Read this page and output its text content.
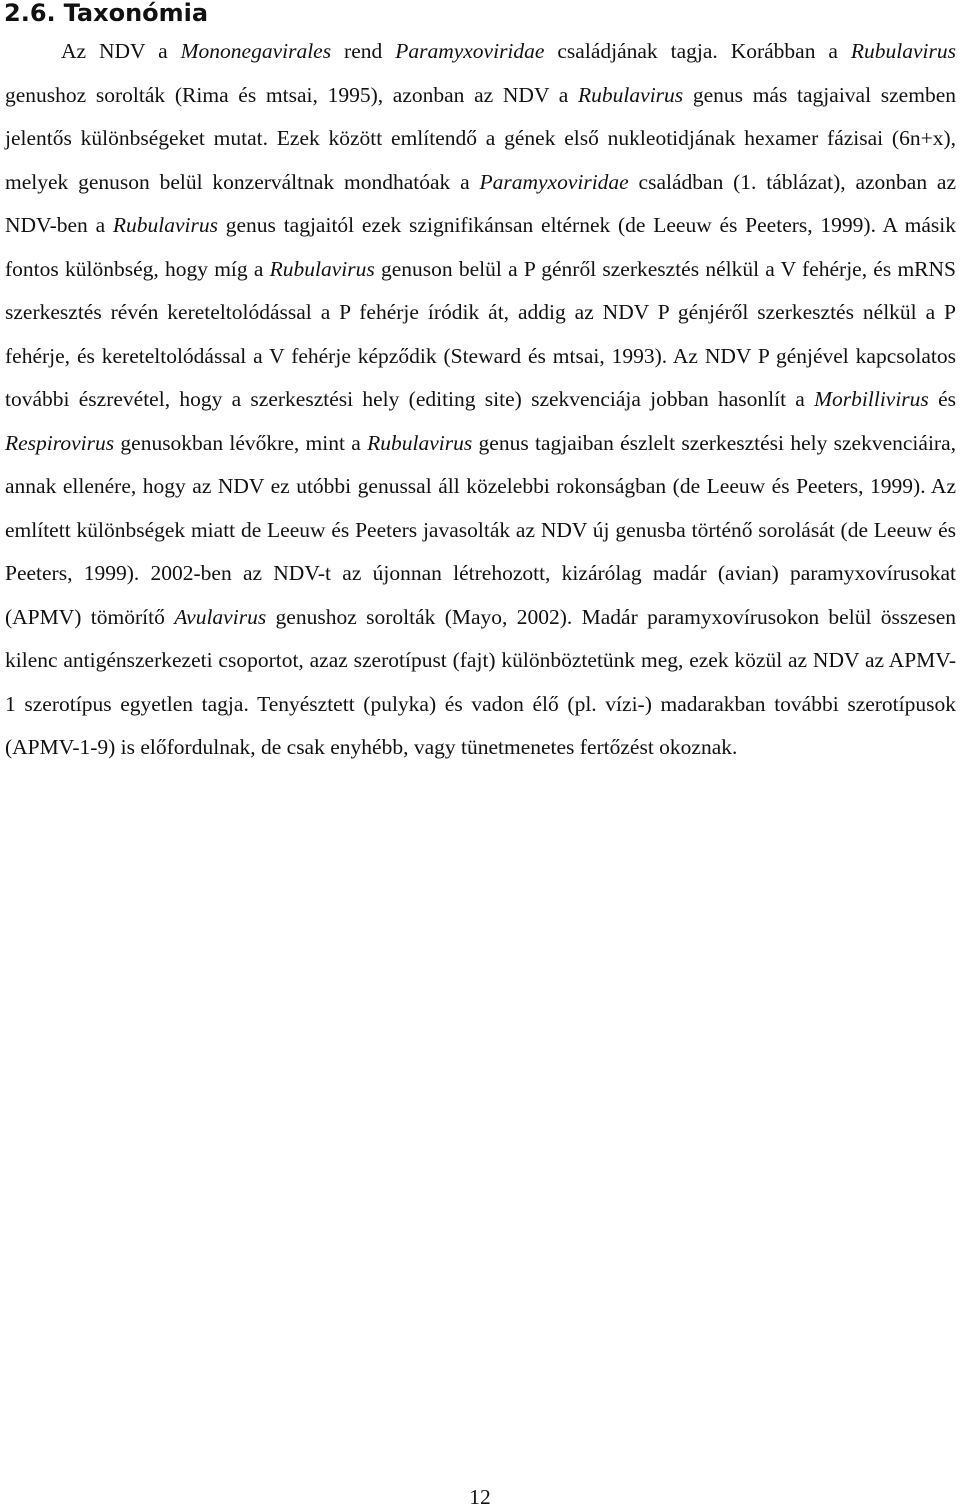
2.6. Taxonómia

Az NDV a Mononegavirales rend Paramyxoviridae családjának tagja. Korábban a Rubulavirus genushoz sorolták (Rima és mtsai, 1995), azonban az NDV a Rubulavirus genus más tagjaival szemben jelentős különbségeket mutat. Ezek között említendő a gének első nukleotidjának hexamer fázisai (6n+x), melyek genuson belül konzerváltnak mondhatóak a Paramyxoviridae családban (1. táblázat), azonban az NDV-ben a Rubulavirus genus tagjaitól ezek szignifikánsan eltérnek (de Leeuw és Peeters, 1999). A másik fontos különbség, hogy míg a Rubulavirus genuson belül a P génről szerkesztés nélkül a V fehérje, és mRNS szerkesztés révén kereteltolódással a P fehérje íródik át, addig az NDV P génjéről szerkesztés nélkül a P fehérje, és kereteltolódással a V fehérje képződik (Steward és mtsai, 1993). Az NDV P génjével kapcsolatos további észrevétel, hogy a szerkesztési hely (editing site) szekvenciája jobban hasonlít a Morbillivirus és Respirovirus genusokban lévőkre, mint a Rubulavirus genus tagjaiban észlelt szerkesztési hely szekvenciáira, annak ellenére, hogy az NDV ez utóbbi genussal áll közelebbi rokonságban (de Leeuw és Peeters, 1999). Az említett különbségek miatt de Leeuw és Peeters javasolták az NDV új genusba történő sorolását (de Leeuw és Peeters, 1999). 2002-ben az NDV-t az újonnan létrehozott, kizárólag madár (avian) paramyxovírusokat (APMV) tömörítő Avulavirus genushoz sorolták (Mayo, 2002). Madár paramyxovírusokon belül összesen kilenc antigénszerkezeti csoportot, azaz szerotípust (fajt) különböztetünk meg, ezek közül az NDV az APMV-1 szerotípus egyetlen tagja. Tenyésztett (pulyka) és vadon élő (pl. vízi-) madarakban további szerotípusok (APMV-1-9) is előfordulnak, de csak enyhébb, vagy tünetmenetes fertőzést okoznak.

12
